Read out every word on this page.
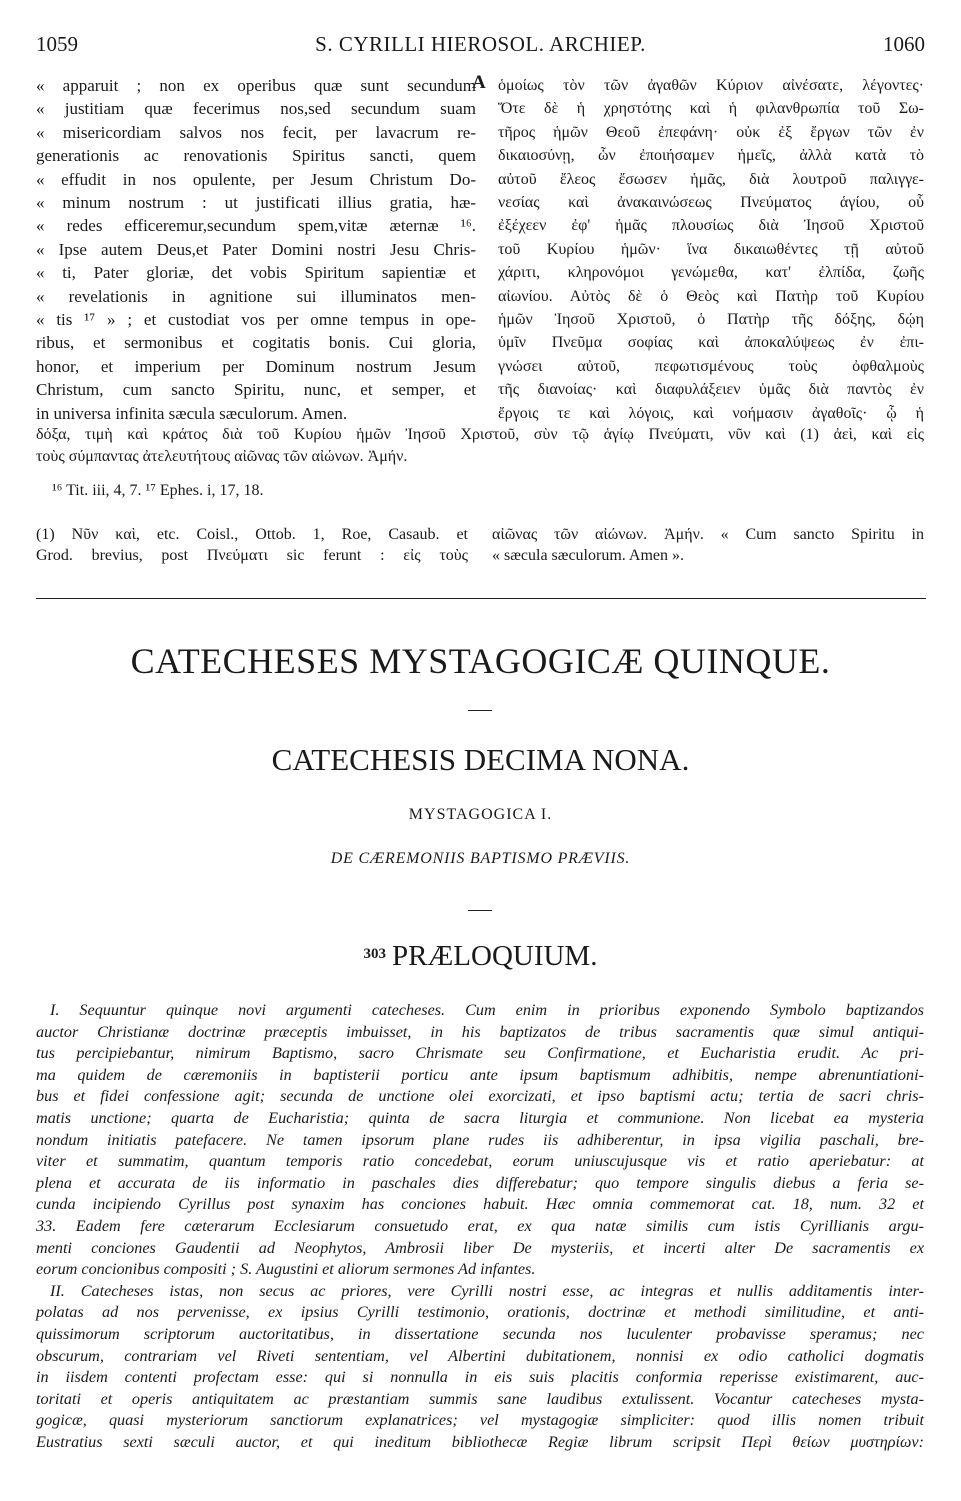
1059	S. CYRILLI HIEROSOL. ARCHIEP.	1060
« apparuit ; non ex operibus quæ sunt secundum
« justitiam quæ fecerimus nos,sed secundum suam
« misericordiam salvos nos fecit, per lavacrum re-
generationis ac renovationis Spiritus sancti, quem
« effudit in nos opulente, per Jesum Christum Do-
« minum nostrum : ut justificati illius gratia, hæ-
« redes efficeremur,secundum spem,vitæ æternæ ¹⁶.
« Ipse autem Deus,et Pater Domini nostri Jesu Chris-
« ti, Pater gloriæ, det vobis Spiritum sapientiæ et
« revelationis in agnitione sui illuminatos men-
« tis ¹⁷ » ; et custodiat vos per omne tempus in ope-
ribus, et sermonibus et cogitatis bonis. Cui gloria,
honor, et imperium per Dominum nostrum Jesum
Christum, cum sancto Spiritu, nunc, et semper, et
in universa infinita sæcula sæculorum. Amen.
A ὁμοίως τὸν τῶν ἀγαθῶν Κύριον αἰνέσατε, λέγοντες·
Ὅτε δὲ ἡ χρηστότης καὶ ἡ φιλανθρωπία τοῦ Σω-
τῆρος ἡμῶν Θεοῦ ἐπεφάνη· οὐκ ἐξ ἔργων τῶν ἐν
δικαιοσύνῃ, ὧν ἐποιήσαμεν ἡμεῖς, ἀλλὰ κατὰ τὸ
αὐτοῦ ἔλεος ἔσωσεν ἡμᾶς, διὰ λουτροῦ παλιγγε-
νεσίας καὶ ἀνακαινώσεως Πνεύματος ἁγίου, οὗ
ἐξέχεεν ἐφ' ἡμᾶς πλουσίως διὰ Ἰησοῦ Χριστοῦ
τοῦ Κυρίου ἡμῶν· ἵνα δικαιωθέντες τῇ αὐτοῦ
χάριτι, κληρονόμοι γενώμεθα, κατ' ἐλπίδα, ζωῆς
αἰωνίου. Αὐτὸς δὲ ὁ Θεὸς καὶ Πατὴρ τοῦ Κυρίου
ἡμῶν Ἰησοῦ Χριστοῦ, ὁ Πατὴρ τῆς δόξης, δῴη
ὑμῖν Πνεῦμα σοφίας καὶ ἀποκαλύψεως ἐν ἐπι-
γνώσει αὐτοῦ, πεφωτισμένους τοὺς ὀφθαλμοὺς
τῆς διανοίας· καὶ διαφυλάξειεν ὑμᾶς διὰ παντὸς ἐν
ἔργοις τε καὶ λόγοις, καὶ νοήμασιν ἀγαθοῖς· ᾧ ἡ
δόξα, τιμὴ καὶ κράτος διὰ τοῦ Κυρίου ἡμῶν Ἰησοῦ Χριστοῦ, σὺν τῷ ἁγίῳ Πνεύματι, νῦν καὶ (1) ἀεὶ, καὶ εἰς
τοὺς σύμπαντας ἀτελευτήτους αἰῶνας τῶν αἰώνων. Ἀμήν.
¹⁶ Tit. iii, 4, 7. ¹⁷ Ephes. i, 17, 18.
(1) Νῦν καὶ, etc. Coisl., Ottob. 1, Roe, Casaub. et
Grod. brevius, post Πνεύματι sic ferunt : εἰς τοὺς
αἰῶνας τῶν αἰώνων. Ἀμήν. « Cum sancto Spiritu in
« sæcula sæculorum. Amen ».
CATECHESES MYSTAGOGICÆ QUINQUE.
CATECHESIS DECIMA NONA.
MYSTAGOGICA I.
DE CÆREMONIIS BAPTISMO PRÆVIIS.
$^{303}$ PRÆLOQUIUM.
I. Sequuntur quinque novi argumenti catecheses. Cum enim in prioribus exponendo Symbolo baptizandos
auctor Christianæ doctrinæ præceptis imbuisset, in his baptizatos de tribus sacramentis quæ simul antiqui-
tus percipiebantur, nimirum Baptismo, sacro Chrismate seu Confirmatione, et Eucharistia erudit. Ac pri-
ma quidem de cæremoniis in baptisterii porticu ante ipsum baptismum adhibitis, nempe abrenuntiationi-
bus et fidei confessione agit; secunda de unctione olei exorcizati, et ipso baptismi actu; tertia de sacri chris-
matis unctione; quarta de Eucharistia; quinta de sacra liturgia et communione. Non licebat ea mysteria
nondum initiatis patefacere. Ne tamen ipsorum plane rudes iis adhiberentur, in ipsa vigilia paschali, bre-
viter et summatim, quantum temporis ratio concedebat, eorum uniuscujusque vis et ratio aperiebatur: at
plena et accurata de iis informatio in paschales dies differebatur; quo tempore singulis diebus a feria se-
cunda incipiendo Cyrillus post synaxim has conciones habuit. Hæc omnia commemorat cat. 18, num. 32 et
33. Eadem fere cæterarum Ecclesiarum consuetudo erat, ex qua natæ similis cum istis Cyrillianis argu-
menti conciones Gaudentii ad Neophytos, Ambrosii liber De mysteriis, et incerti alter De sacramentis ex
eorum concionibus compositi ; S. Augustini et aliorum sermones Ad infantes.
II. Catecheses istas, non secus ac priores, vere Cyrilli nostri esse, ac integras et nullis additamentis inter-
polatas ad nos pervenisse, ex ipsius Cyrilli testimonio, orationis, doctrinæ et methodi similitudine, et anti-
quissimorum scriptorum auctoritatibus, in dissertatione secunda nos luculenter probavisse speramus; nec
obscurum, contrariam vel Riveti sententiam, vel Albertini dubitationem, nonnisi ex odio catholici dogmatis
in iisdem contenti profectam esse: qui si nonnulla in eis suis placitis conformia reperisse existimarent, auc-
toritati et operis antiquitatem ac præstantiam summis sane laudibus extulissent. Vocantur catecheses mysta-
gogicæ, quasi mysteriorum sanctiorum explanatrices; vel mystagogiæ simpliciter: quod illis nomen tribuit
Eustratius sexti sæculi auctor, et qui ineditum bibliothecæ Regiæ librum scripsit Περὶ θείων μυστηρίων:
